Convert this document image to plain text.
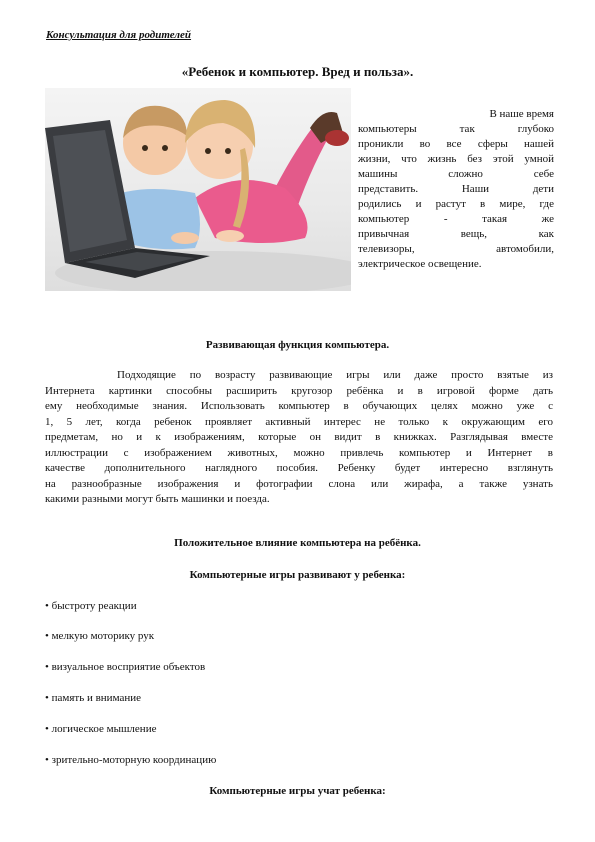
Консультация для родителей
«Ребенок и компьютер. Вред и польза».
В наше время
компьютеры так глубоко
проникли во все сферы нашей
жизни, что жизнь без этой умной
машины сложно себе
представить. Наши дети
родились и растут в мире, где
компьютер - такая же
привычная вещь, как
телевизоры, автомобили,
электрическое освещение.
Развивающая функция компьютера.
Подходящие по возрасту развивающие игры или даже просто взятые из
Интернета картинки способны расширить кругозор ребёнка и в игровой форме дать
ему необходимые знания. Использовать компьютер в обучающих целях можно уже с
1, 5 лет, когда ребенок проявляет активный интерес не только к окружающим его
предметам, но и к изображениям, которые он видит в книжках. Разглядывая вместе
иллюстрации с изображением животных, можно привлечь компьютер и Интернет в
качестве дополнительного наглядного пособия. Ребенку будет интересно взглянуть
на разнообразные изображения и фотографии слона или жирафа, а также узнать
какими разными могут быть машинки и поезда.
Положительное влияние компьютера на ребёнка.
Компьютерные игры развивают у ребенка:
• быстроту реакции
• мелкую моторику рук
• визуальное восприятие объектов
• память и внимание
• логическое мышление
• зрительно-моторную координацию
Компьютерные игры учат ребенка:
